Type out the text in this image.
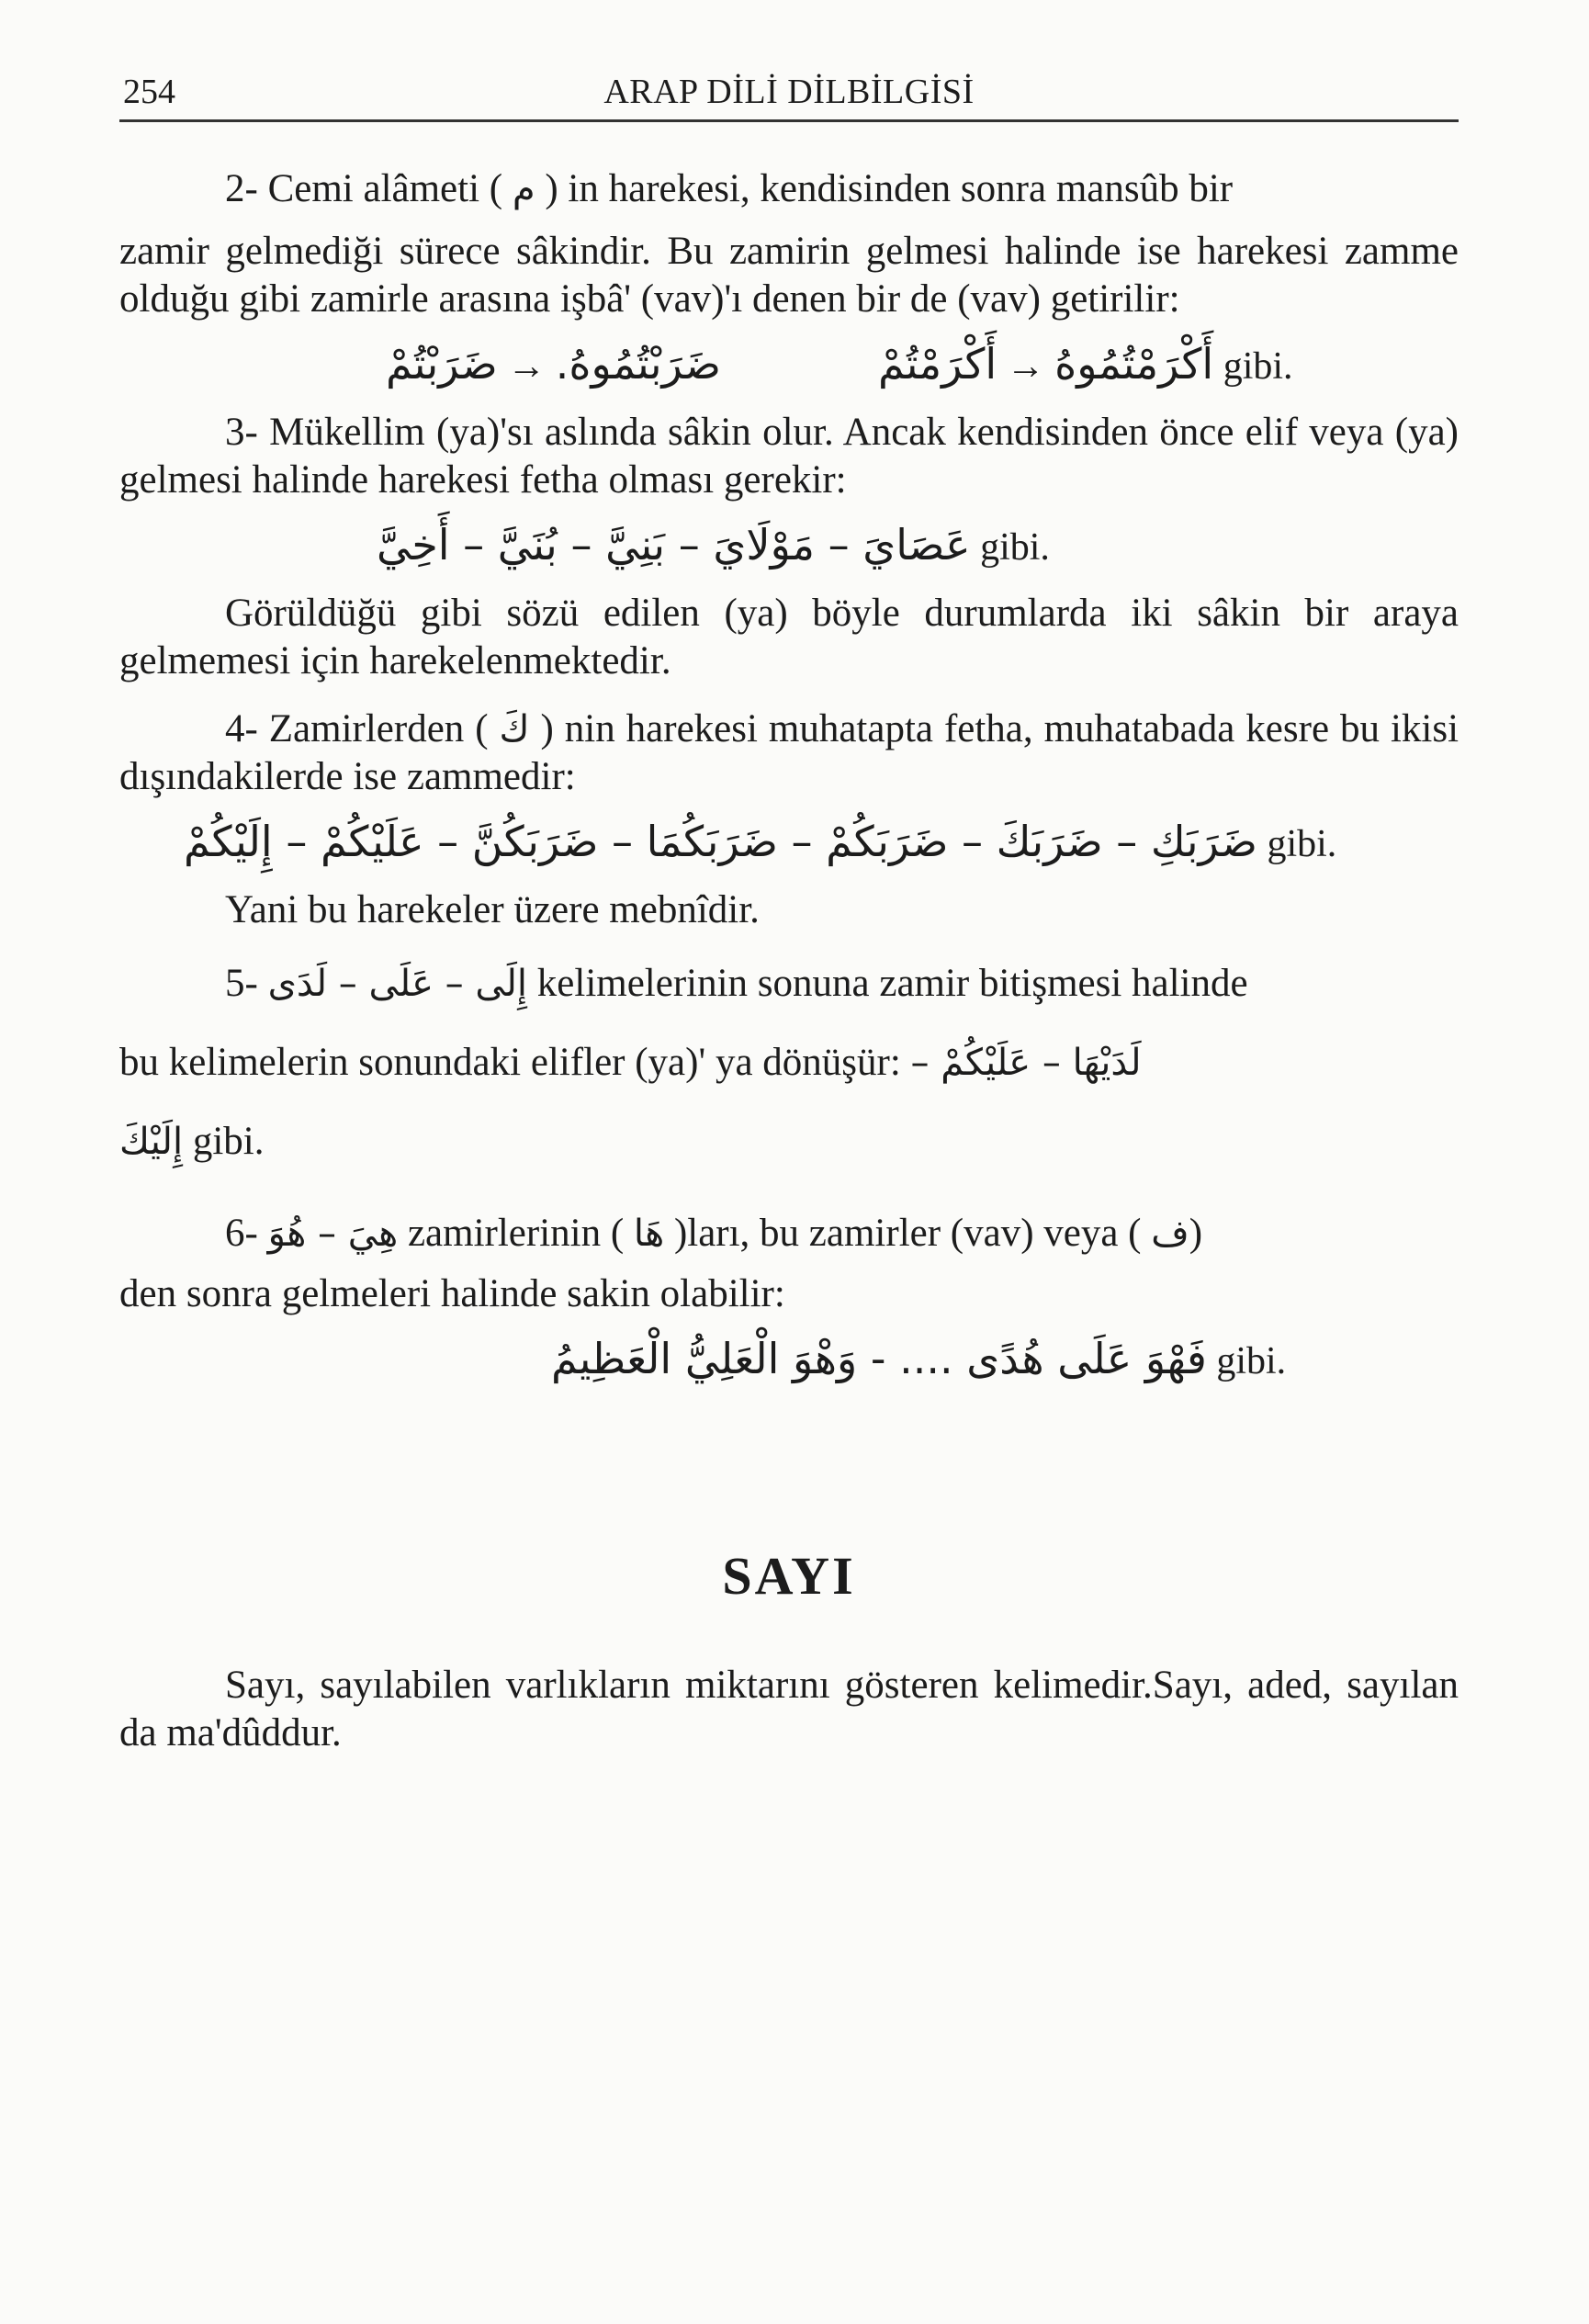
254	ARAP DİLİ DİLBİLGİSİ

2- Cemi alâmeti ( م ) in harekesi, kendisinden sonra mansûb bir

zamir gelmediği sürece sâkindir. Bu zamirin gelmesi halinde ise harekesi zamme olduğu gibi zamirle arasına işbâ' (vav)'ı denen bir de (vav) getirilir:

ضَرَبْتُمْ → ضَرَبْتُمُوهُ.	أَكْرَمْتُمْ → أَكْرَمْتُمُوهُ gibi.

3- Mükellim (ya)'sı aslında sâkin olur. Ancak kendisinden önce elif veya (ya) gelmesi halinde harekesi fetha olması gerekir:

عَصَايَ – مَوْلَايَ – بَنِيَّ – بُنَيَّ – أَخِيَّ gibi.

Görüldüğü gibi sözü edilen (ya) böyle durumlarda iki sâkin bir araya gelmemesi için harekelenmektedir.

4- Zamirlerden ( كَ ) nin harekesi muhatapta fetha, muhatabada kesre bu ikisi dışındakilerde ise zammedir:

ضَرَبَكِ – ضَرَبَكَ – ضَرَبَكُمْ – ضَرَبَكُمَا – ضَرَبَكُنَّ – عَلَيْكُمْ – إِلَيْكُمْ gibi.

Yani bu harekeler üzere mebnîdir.

5- إِلَى – عَلَى – لَدَى kelimelerinin sonuna zamir bitişmesi halinde

bu kelimelerin sonundaki elifler (ya)' ya dönüşür: لَدَيْهَا – عَلَيْكُمْ –

إِلَيْكَ gibi.

6- هِيَ – هُوَ zamirlerinin ( هَا )ları, bu zamirler (vav) veya ( ف)

den sonra gelmeleri halinde sakin olabilir:

فَهْوَ عَلَى هُدًى .... - وَهْوَ الْعَلِيُّ الْعَظِيمُ gibi.
SAYI

Sayı, sayılabilen varlıkların miktarını gösteren kelimedir.Sayı, aded, sayılan da ma'dûddur.
